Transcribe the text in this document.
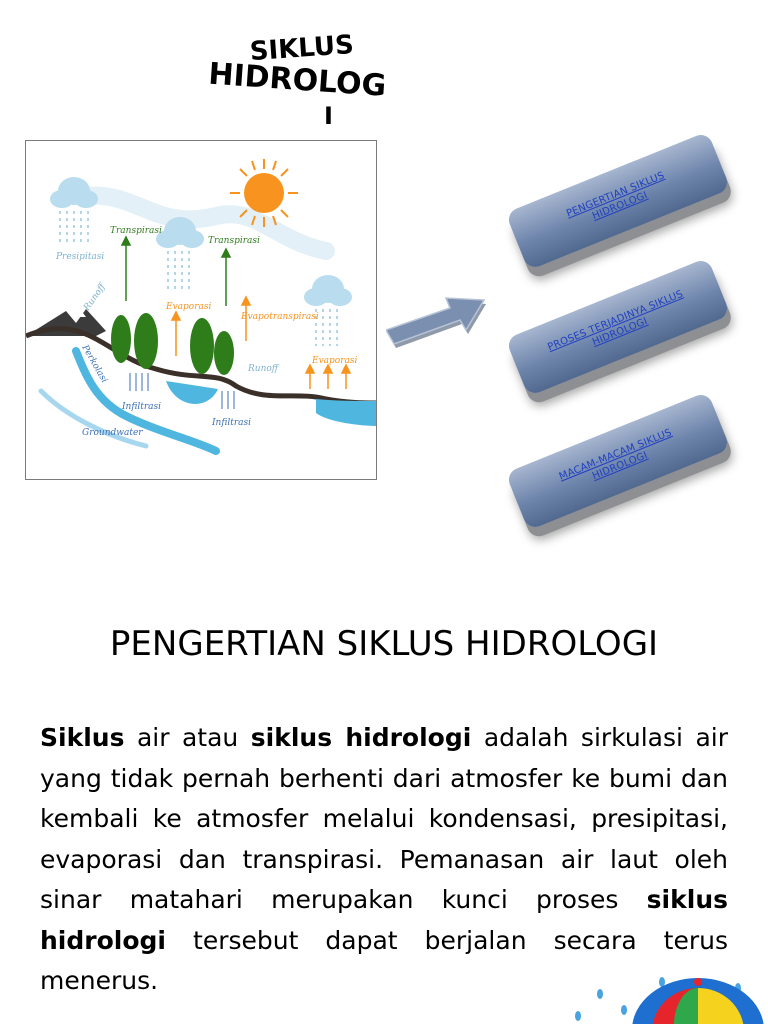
SIKLUS
HIDROLOG
I
Presipitasi
Transpirasi
Transpirasi
Evaporasi
Evapotranspirasi
Evaporasi
Runoff
Runoff
Perkolasi
Infiltrasi
Infiltrasi
Groundwater
PENGERTIAN SIKLUS HIDROLOGI
PROSES TERJADINYA SIKLUS HIDROLOGI
MACAM-MACAM SIKLUS HIDROLOGI
PENGERTIAN SIKLUS HIDROLOGI

Siklus air atau siklus hidrologi adalah sirkulasi air yang tidak pernah berhenti dari atmosfer ke bumi dan kembali ke atmosfer melalui kondensasi, presipitasi, evaporasi dan transpirasi. Pemanasan air laut oleh sinar matahari merupakan kunci proses siklus hidrologi tersebut dapat berjalan secara terus menerus.
